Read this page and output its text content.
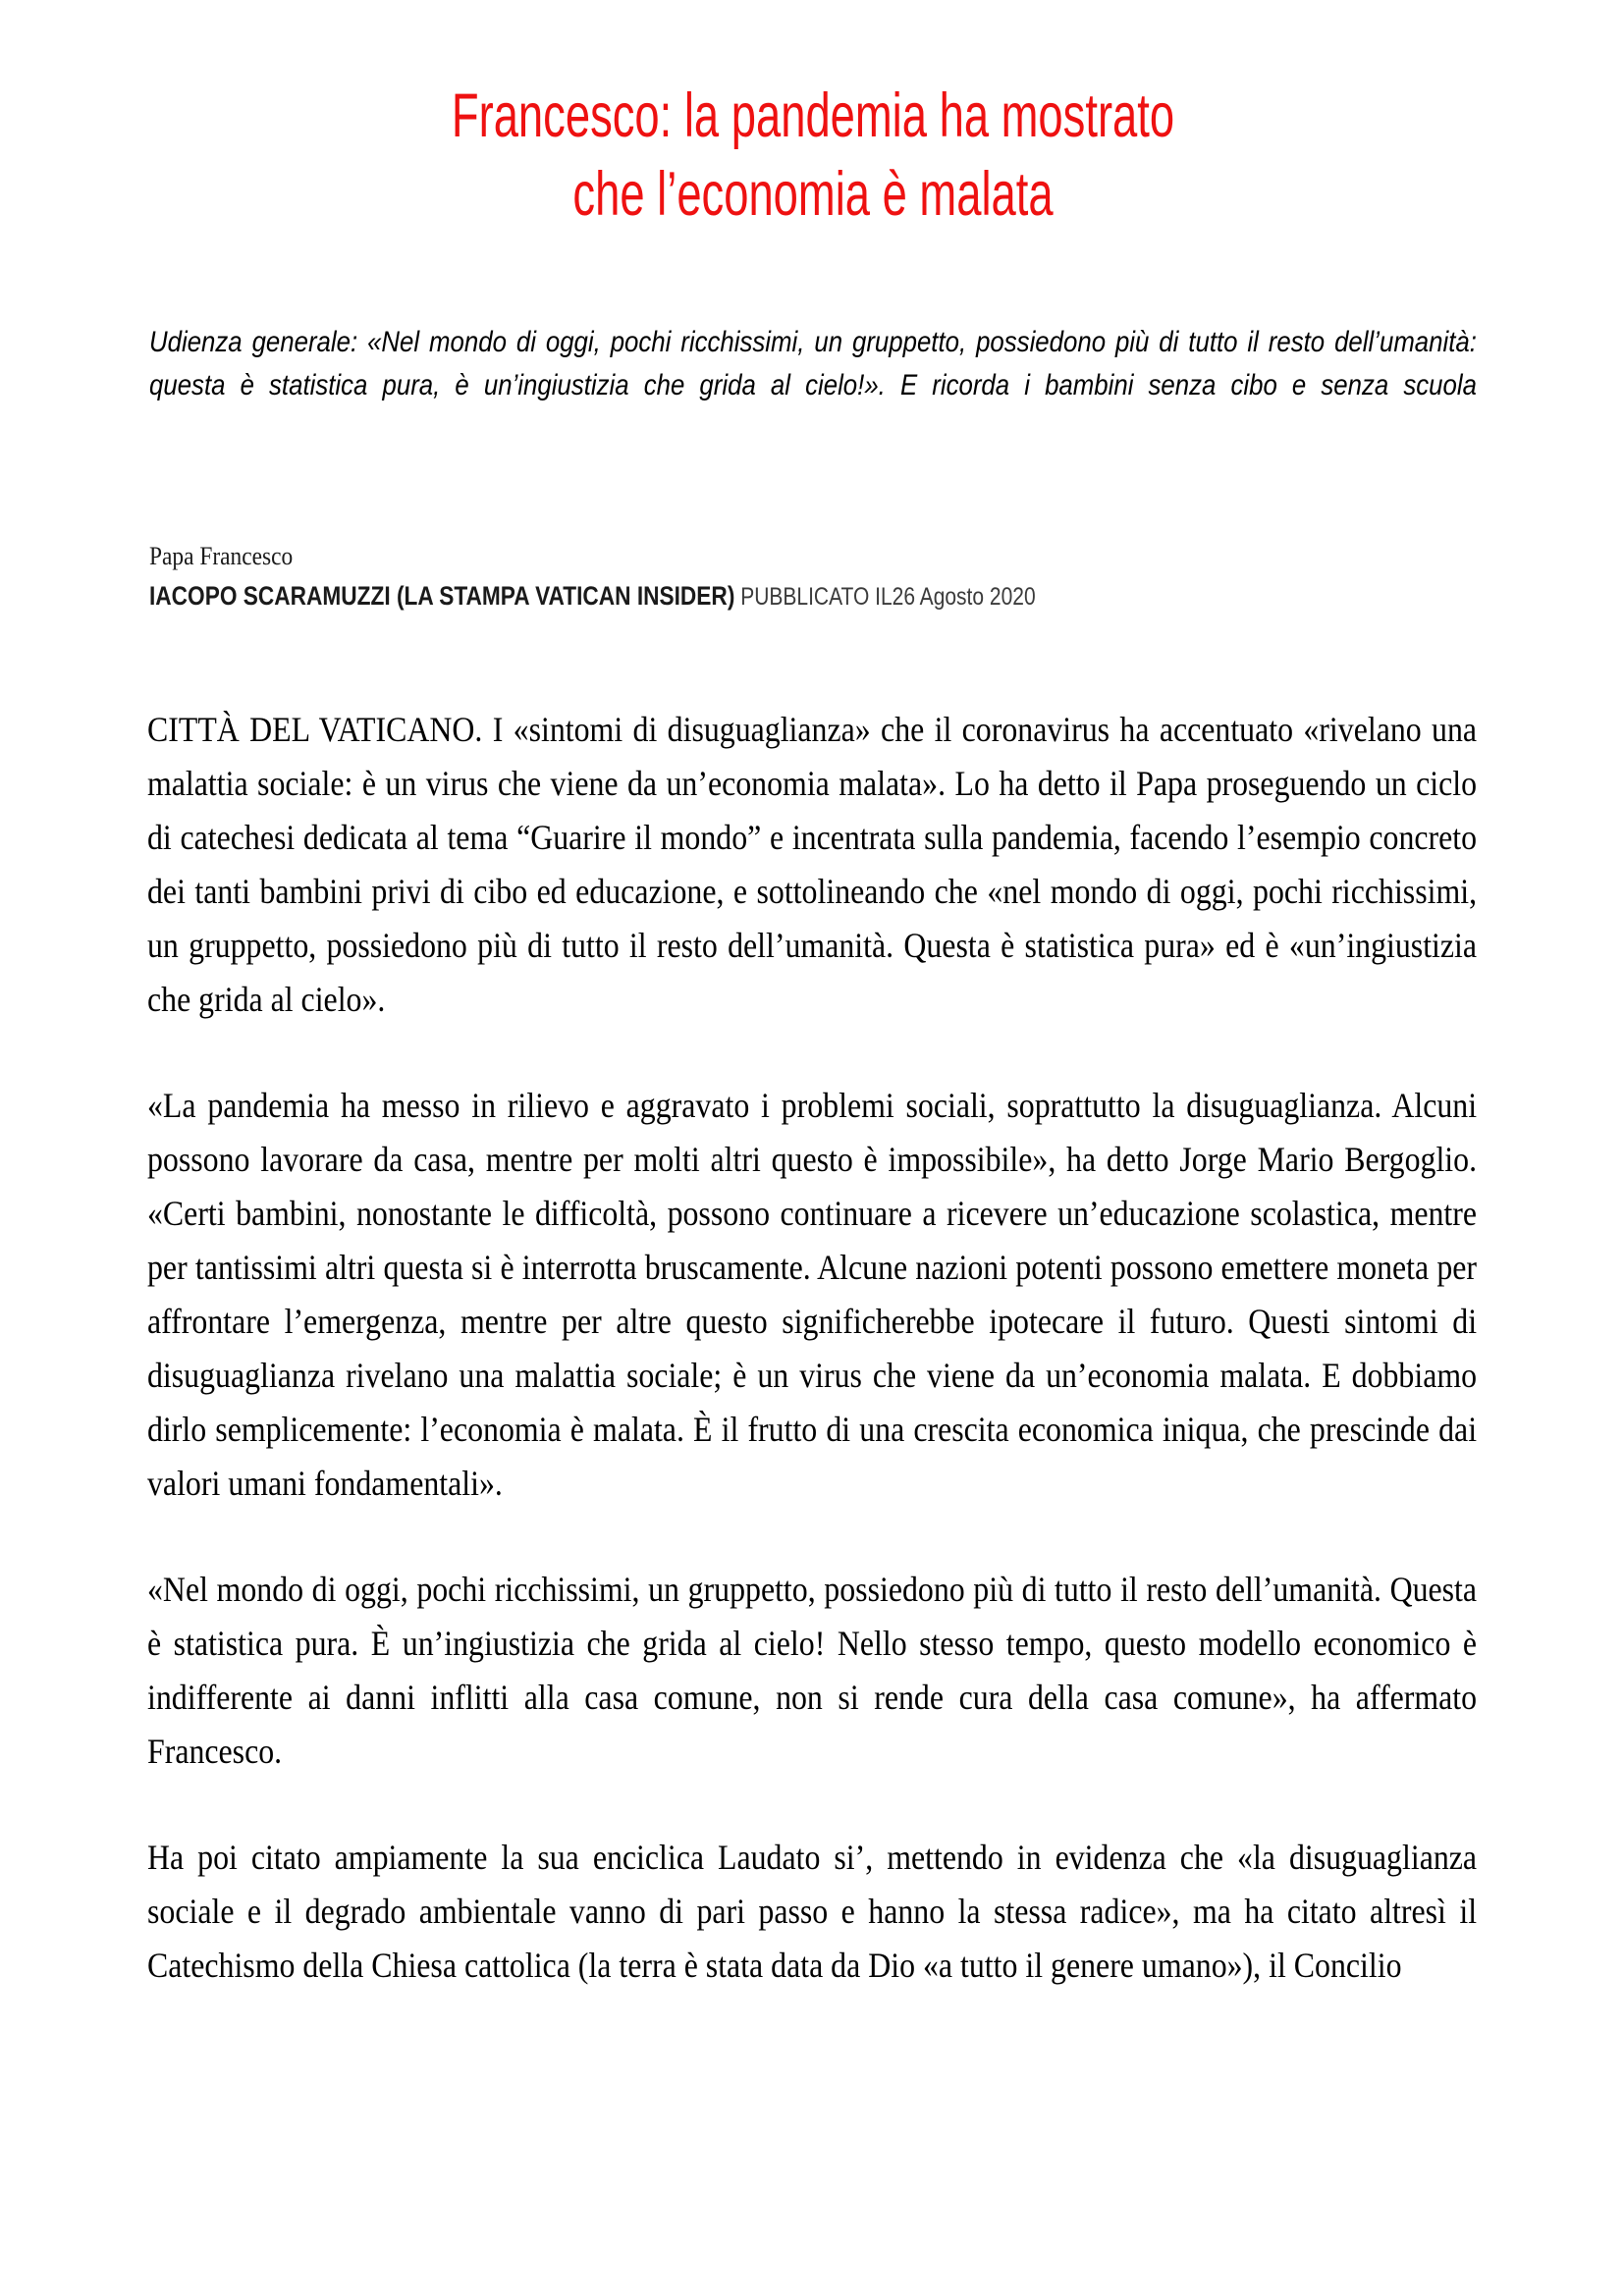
Francesco: la pandemia ha mostrato
che l’economia è malata
Udienza generale: «Nel mondo di oggi, pochi ricchissimi, un gruppetto, possiedono più di tutto il resto dell’umanità: questa è statistica pura, è un’ingiustizia che grida al cielo!». E ricorda i bambini senza cibo e senza scuola
Papa Francesco
IACOPO SCARAMUZZI (LA STAMPA VATICAN INSIDER) PUBBLICATO IL26 Agosto 2020

CITTÀ DEL VATICANO. I «sintomi di disuguaglianza» che il coronavirus ha accentuato «rivelano una malattia sociale: è un virus che viene da un’economia malata». Lo ha detto il Papa proseguendo un ciclo di catechesi dedicata al tema “Guarire il mondo” e incentrata sulla pandemia, facendo l’esempio concreto dei tanti bambini privi di cibo ed educazione, e sottolineando che «nel mondo di oggi, pochi ricchissimi, un gruppetto, possiedono più di tutto il resto dell’umanità. Questa è statistica pura» ed è «un’ingiustizia che grida al cielo».

«La pandemia ha messo in rilievo e aggravato i problemi sociali, soprattutto la disuguaglianza. Alcuni possono lavorare da casa, mentre per molti altri questo è impossibile», ha detto Jorge Mario Bergoglio. «Certi bambini, nonostante le difficoltà, possono continuare a ricevere un’educazione scolastica, mentre per tantissimi altri questa si è interrotta bruscamente. Alcune nazioni potenti possono emettere moneta per affrontare l’emergenza, mentre per altre questo significherebbe ipotecare il futuro. Questi sintomi di disuguaglianza rivelano una malattia sociale; è un virus che viene da un’economia malata. E dobbiamo dirlo semplicemente: l’economia è malata. È il frutto di una crescita economica iniqua, che prescinde dai valori umani fondamentali».

«Nel mondo di oggi, pochi ricchissimi, un gruppetto, possiedono più di tutto il resto dell’umanità. Questa è statistica pura. È un’ingiustizia che grida al cielo! Nello stesso tempo, questo modello economico è indifferente ai danni inflitti alla casa comune, non si rende cura della casa comune», ha affermato Francesco.

Ha poi citato ampiamente la sua enciclica Laudato si’, mettendo in evidenza che «la disuguaglianza sociale e il degrado ambientale vanno di pari passo e hanno la stessa radice», ma ha citato altresì il Catechismo della Chiesa cattolica (la terra è stata data da Dio «a tutto il genere umano»), il Concilio
